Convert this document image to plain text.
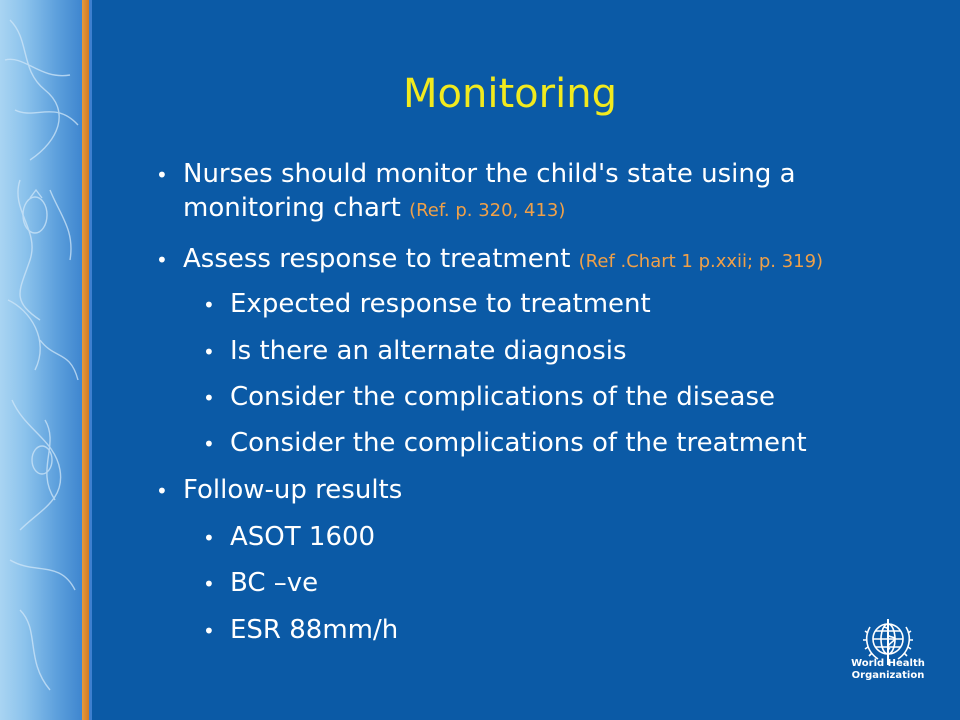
Monitoring
• Nurses should monitor the child's state using a
monitoring chart (Ref. p. 320, 413)
• Assess response to treatment (Ref .Chart 1 p.xxii; p. 319)
• Expected response to treatment
• Is there an alternate diagnosis
• Consider the complications of the disease
• Consider the complications of the treatment
• Follow-up results
• ASOT 1600
• BC –ve
• ESR 88mm/h
World Health
Organization
